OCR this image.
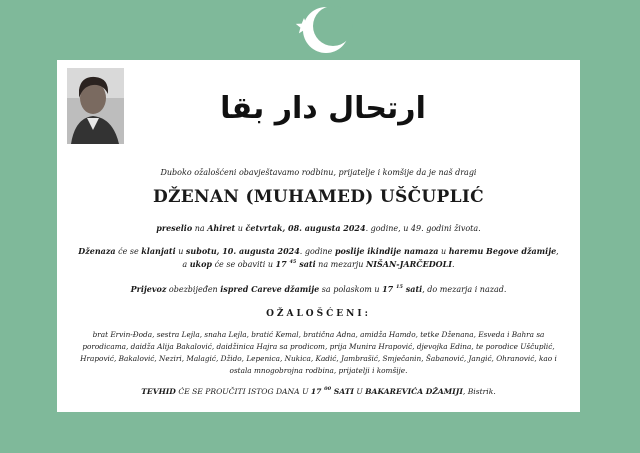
ارتحال دار بقا
Duboko ožalošćeni obavještavamo rodbinu, prijatelje i komšije da je naš dragi
DŽENAN (MUHAMED) UŠČUPLIĆ
preselio na Ahiret u četvrtak, 08. augusta 2024. godine, u 49. godini života.
Dženaza će se klanjati u subotu, 10. augusta 2024. godine poslije ikindije namaza u haremu Begove džamije,
a ukop će se obaviti u 17 $^{45}$ sati na mezarju NIŠAN-JARČEDOLI.
Prijevoz obezbijeđen ispred Careve džamije sa polaskom u 17 $^{15}$ sati, do mezarja i nazad.
OŽALOŠĆENI:
brat Ervin-Đoda, sestra Lejla, snaha Lejla, bratić Kemal, bratična Adna, amidža Hamdo, tetke Dženana, Esveda i Bahra sa porodicama, daidža Alija Bakalović, daidžinica Hajra sa prodicom, prija Munira Hrapović, djevojka Edina, te porodice Uščuplić, Hrapović, Bakalović, Neziri, Malagić, Džido, Lepenica, Nukica, Kadić, Jambrašić, Smječanin, Šabanović, Jangić, Ohranović, kao i ostala mnogobrojna rodbina, prijatelji i komšije.
TEVHID ĆE SE PROUČITI ISTOG DANA U 17 $^{00}$ SATI U BAKAREVIĆA DŽAMIJI, Bistrik.
